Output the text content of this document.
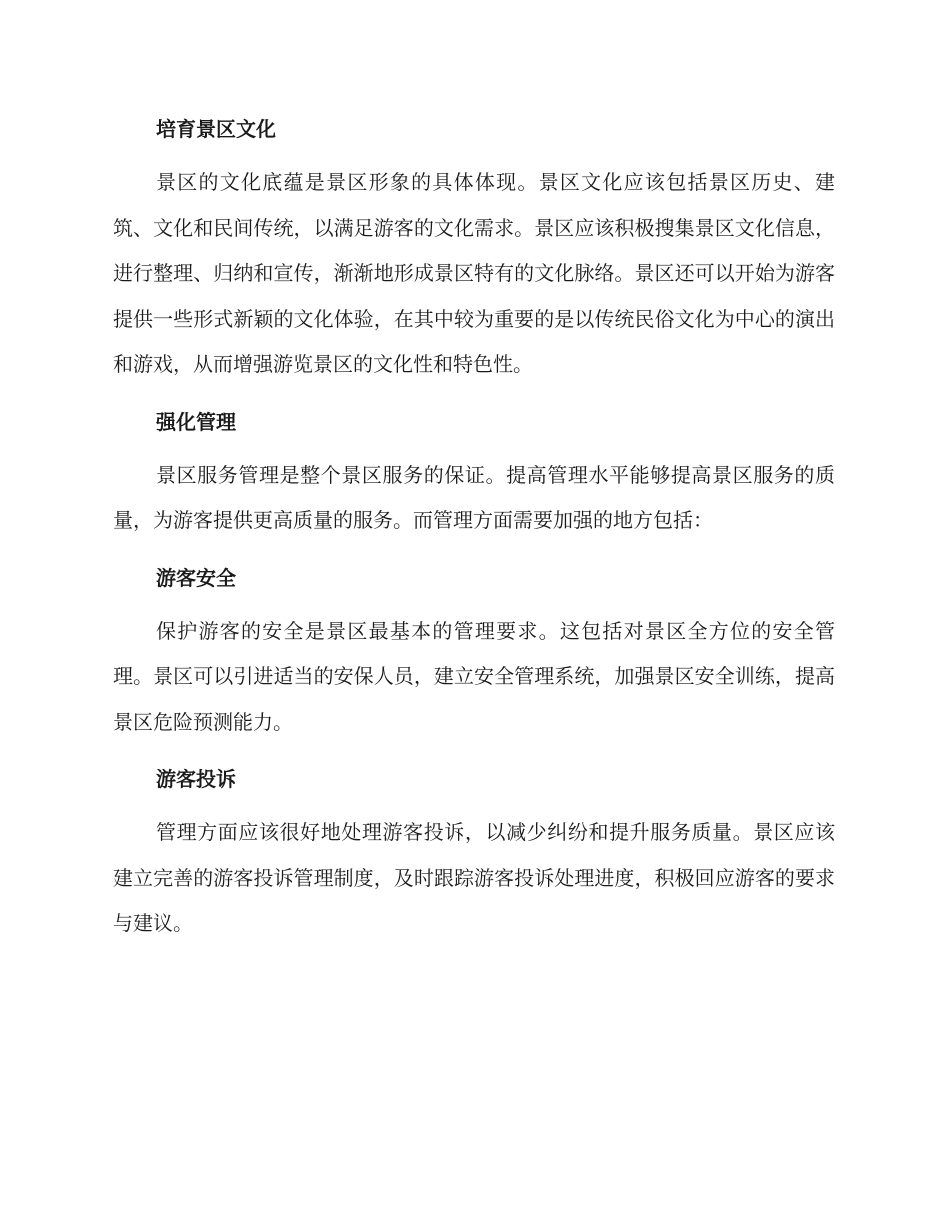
培育景区文化

景区的文化底蕴是景区形象的具体体现。景区文化应该包括景区历史、建筑、文化和民间传统，以满足游客的文化需求。景区应该积极搜集景区文化信息，进行整理、归纳和宣传，渐渐地形成景区特有的文化脉络。景区还可以开始为游客提供一些形式新颖的文化体验，在其中较为重要的是以传统民俗文化为中心的演出和游戏，从而增强游览景区的文化性和特色性。

强化管理

景区服务管理是整个景区服务的保证。提高管理水平能够提高景区服务的质量，为游客提供更高质量的服务。而管理方面需要加强的地方包括：

游客安全

保护游客的安全是景区最基本的管理要求。这包括对景区全方位的安全管理。景区可以引进适当的安保人员，建立安全管理系统，加强景区安全训练，提高景区危险预测能力。

游客投诉

管理方面应该很好地处理游客投诉，以减少纠纷和提升服务质量。景区应该建立完善的游客投诉管理制度，及时跟踪游客投诉处理进度，积极回应游客的要求与建议。
